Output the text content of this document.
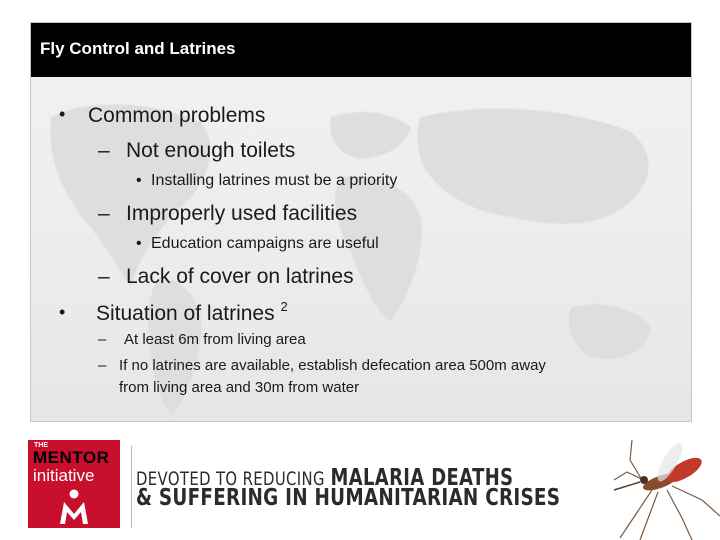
Fly Control and Latrines
• Common problems
– Not enough toilets
• Installing latrines must be a priority
– Improperly used facilities
• Education campaigns are useful
– Lack of cover on latrines
• Situation of latrines $^2$
– At least 6m from living area
– If no latrines are available, establish defecation area 500m away
from living area and 30m from water
THE
MENTOR
initiative DEVOTED TO REDUCING MALARIA DEATHS
& SUFFERING IN HUMANITARIAN CRISES
